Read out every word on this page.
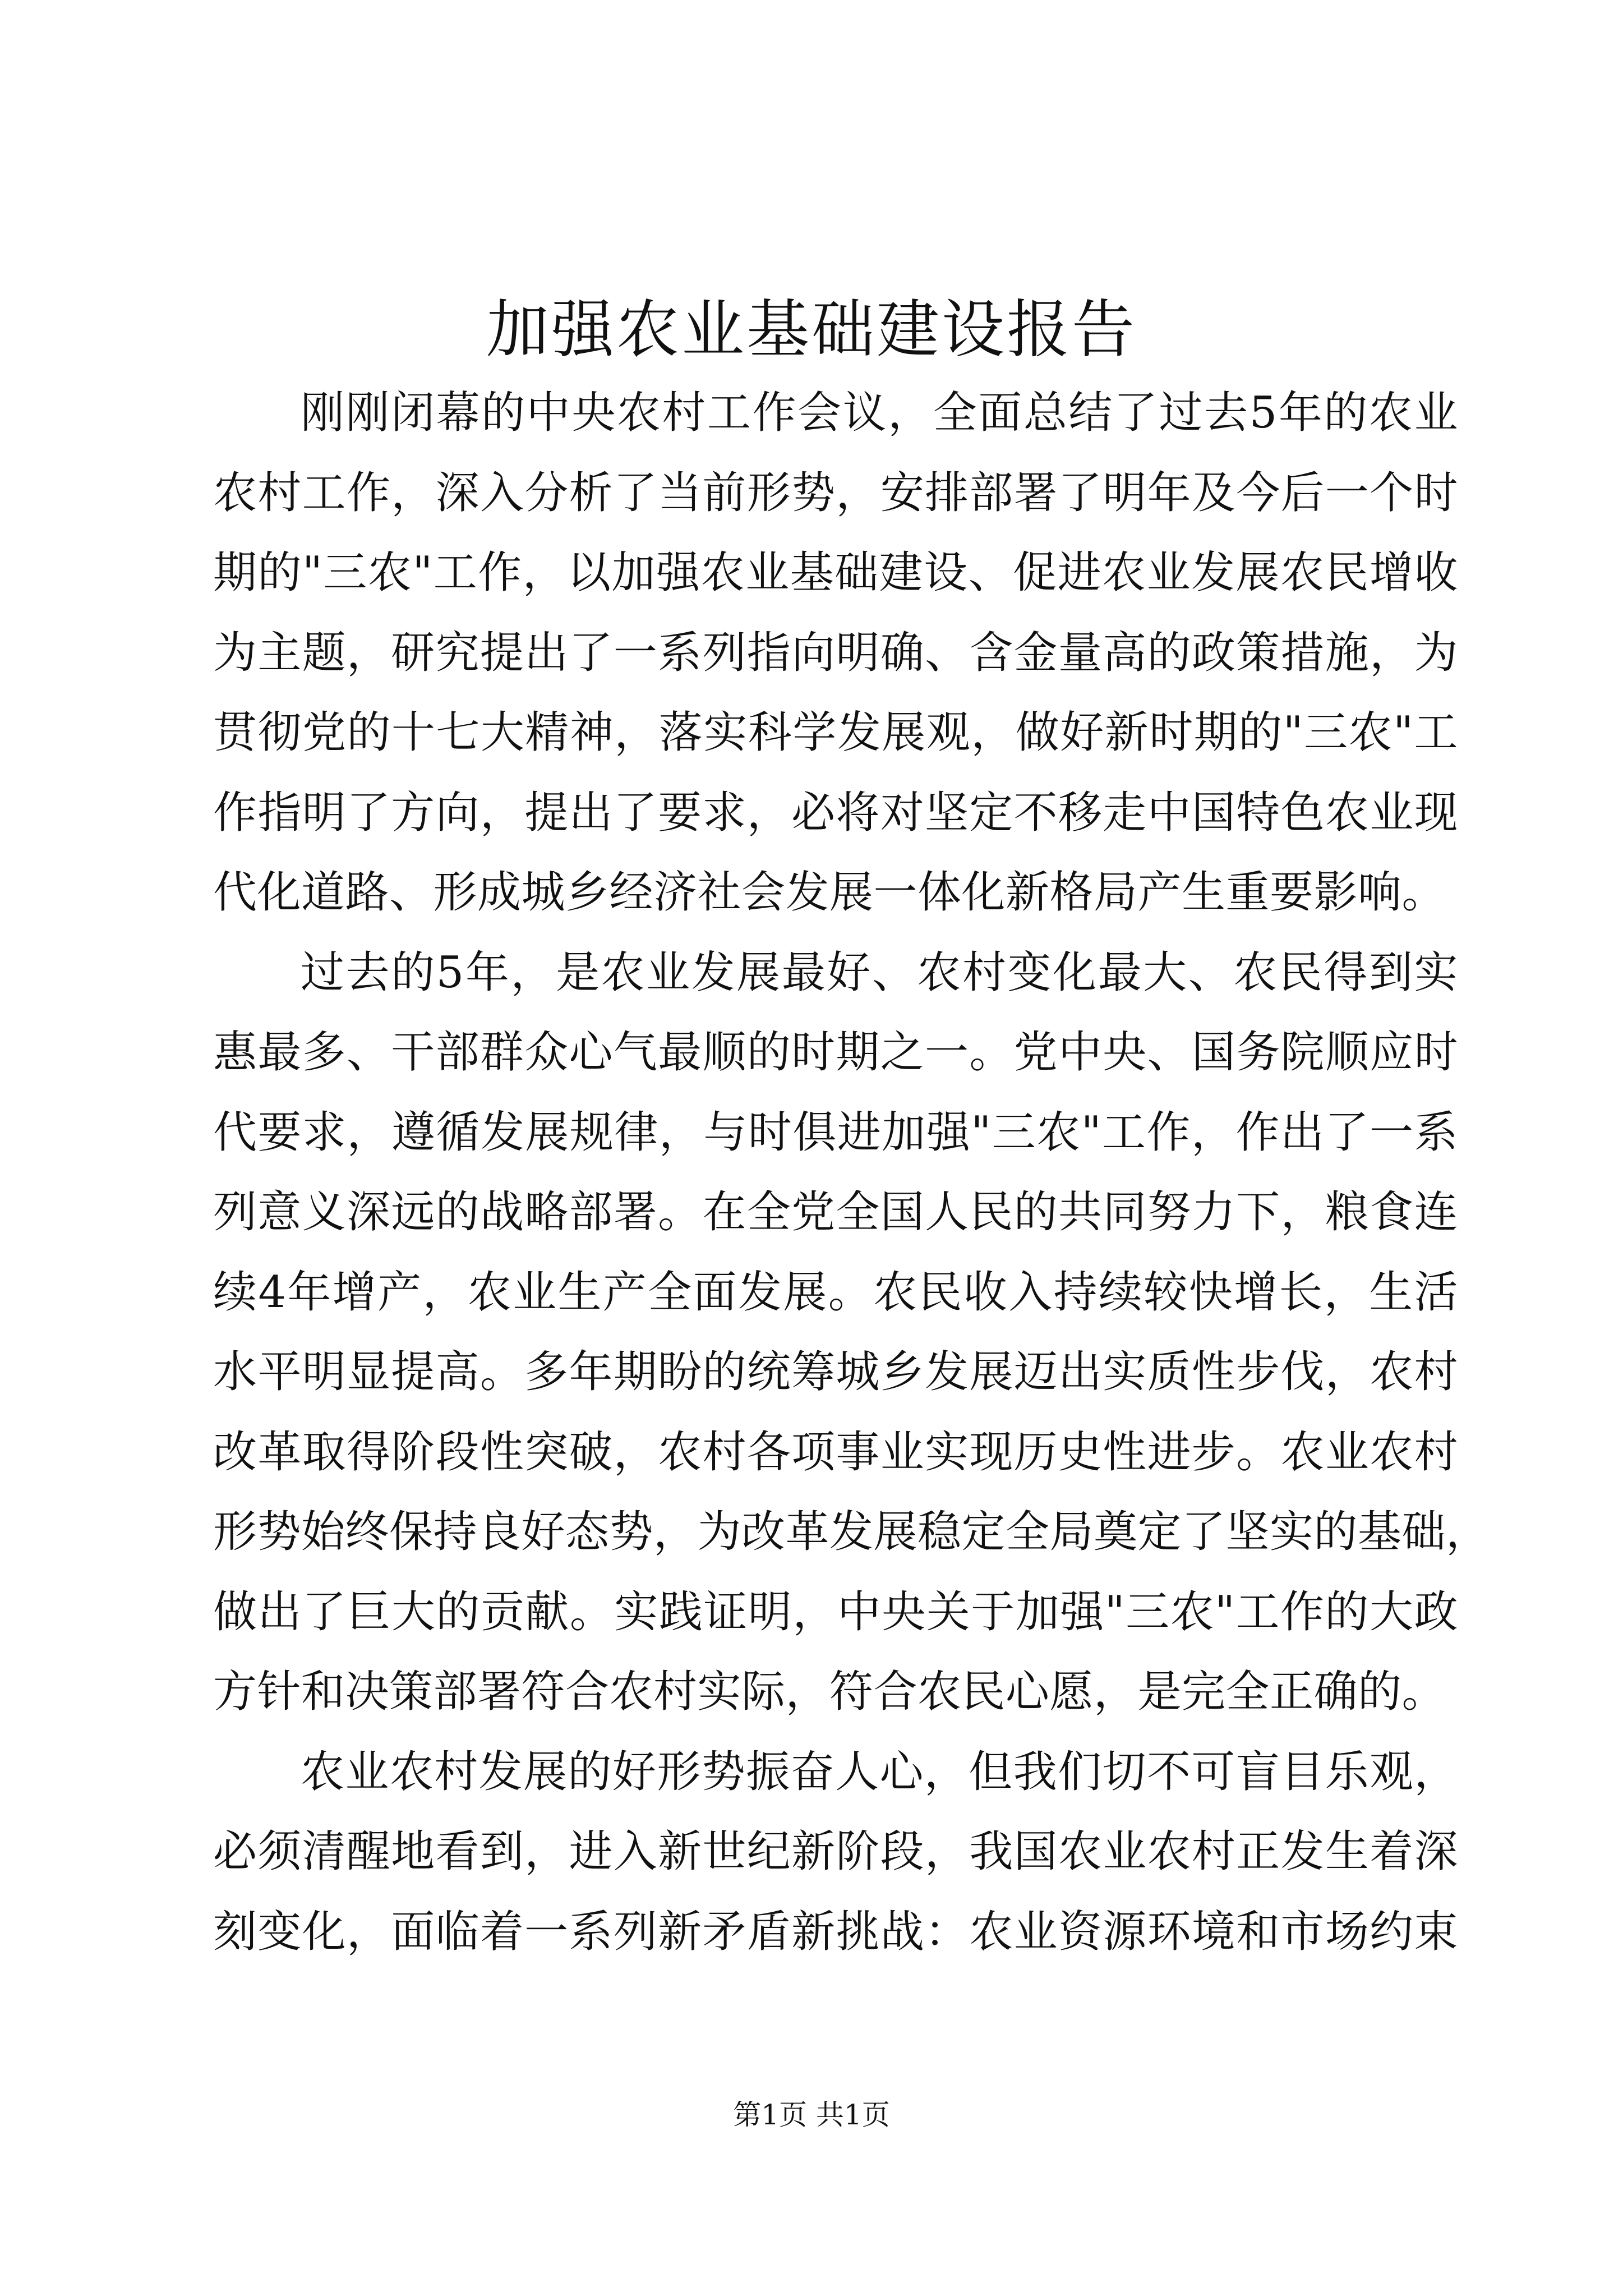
加强农业基础建设报告
刚刚闭幕的中央农村工作会议，全面总结了过去5年的农业
农村工作，深入分析了当前形势，安排部署了明年及今后一个时
期的"三农"工作，以加强农业基础建设、促进农业发展农民增收
为主题，研究提出了一系列指向明确、含金量高的政策措施，为
贯彻党的十七大精神，落实科学发展观，做好新时期的"三农"工
作指明了方向，提出了要求，必将对坚定不移走中国特色农业现
代化道路、形成城乡经济社会发展一体化新格局产生重要影响。
过去的5年，是农业发展最好、农村变化最大、农民得到实
惠最多、干部群众心气最顺的时期之一。党中央、国务院顺应时
代要求，遵循发展规律，与时俱进加强"三农"工作，作出了一系
列意义深远的战略部署。在全党全国人民的共同努力下，粮食连
续4年增产，农业生产全面发展。农民收入持续较快增长，生活
水平明显提高。多年期盼的统筹城乡发展迈出实质性步伐，农村
改革取得阶段性突破，农村各项事业实现历史性进步。农业农村
形势始终保持良好态势，为改革发展稳定全局奠定了坚实的基础，
做出了巨大的贡献。实践证明，中央关于加强"三农"工作的大政
方针和决策部署符合农村实际，符合农民心愿，是完全正确的。
农业农村发展的好形势振奋人心，但我们切不可盲目乐观，
必须清醒地看到，进入新世纪新阶段，我国农业农村正发生着深
刻变化，面临着一系列新矛盾新挑战：农业资源环境和市场约束
第1页 共1页
